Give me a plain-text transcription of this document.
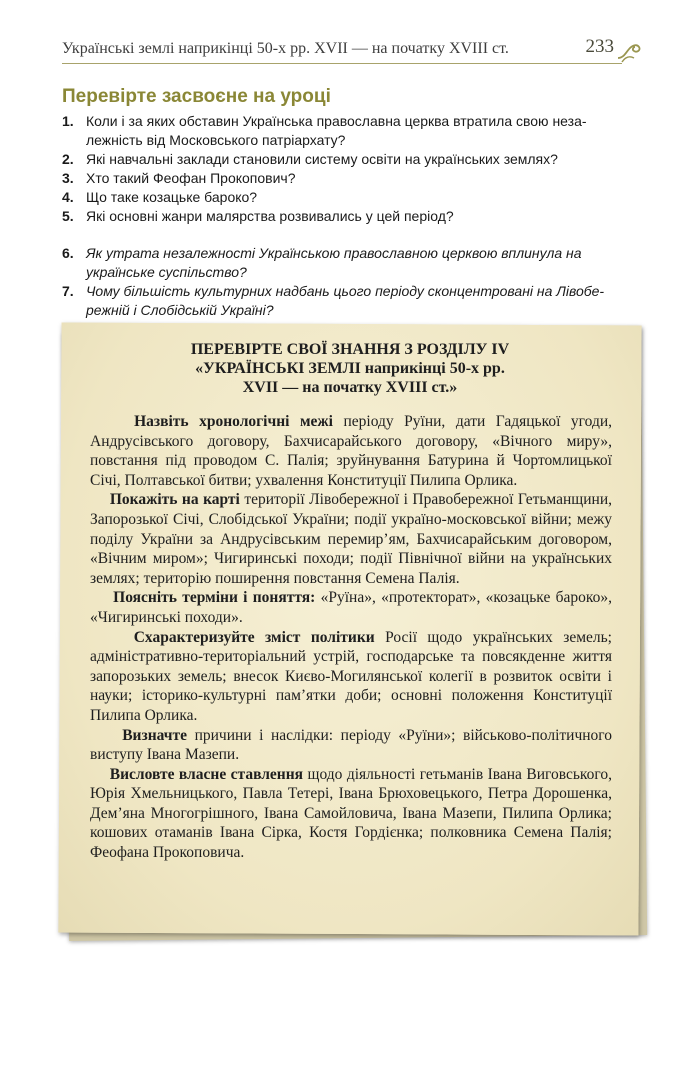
Українські землі наприкінці 50-х рр. XVII — на початку XVIII ст.	233
Перевірте засвоєне на уроці
1. Коли і за яких обставин Українська православна церква втратила свою неза-
лежність від Московського патріархату?
2. Які навчальні заклади становили систему освіти на українських землях?
3. Хто такий Феофан Прокопович?
4. Що таке козацьке бароко?
5. Які основні жанри малярства розвивались у цей період?
6. Як утрата незалежності Українською православною церквою вплинула на
українське суспільство?
7. Чому більшість культурних надбань цього періоду сконцентровані на Лівобе-
режній і Слобідській Україні?
ПЕРЕВІРТЕ СВОЇ ЗНАННЯ З РОЗДІЛУ IV
«УКРАЇНСЬКІ ЗЕМЛІ наприкінці 50-х рр.
XVII — на початку XVIII ст.»

Назвіть хронологічні межі періоду Руїни, дати Гадяцької угоди, Андрусівського договору, Бахчисарайського договору, «Вічного миру», повстання під проводом С. Палія; зруйнування Батурина й Чортомлицької Січі, Полтавської битви; ухвалення Конституції Пилипа Орлика.

Покажіть на карті території Лівобережної і Правобережної Гетьманщини, Запорозької Січі, Слобідської України; події україно-московської війни; межу поділу України за Андрусівським перемир’ям, Бахчисарайським договором, «Вічним миром»; Чигиринські походи; події Північної війни на українських землях; територію поширення повстання Семена Палія.

Поясніть терміни і поняття: «Руїна», «протекторат», «козацьке бароко», «Чигиринські походи».

Схарактеризуйте зміст політики Росії щодо українських земель; адміністративно-територіальний устрій, господарське та повсякденне життя запорозьких земель; внесок Києво-Могилянської колегії в розвиток освіти і науки; історико-культурні пам’ятки доби; основні положення Конституції Пилипа Орлика.

Визначте причини і наслідки: періоду «Руїни»; військово-політичного виступу Івана Мазепи.

Висловте власне ставлення щодо діяльності гетьманів Івана Виговського, Юрія Хмельницького, Павла Тетері, Івана Брюховецького, Петра Дорошенка, Дем’яна Многогрішного, Івана Самойловича, Івана Мазепи, Пилипа Орлика; кошових отаманів Івана Сірка, Костя Гордієнка; полковника Семена Палія; Феофана Прокоповича.
